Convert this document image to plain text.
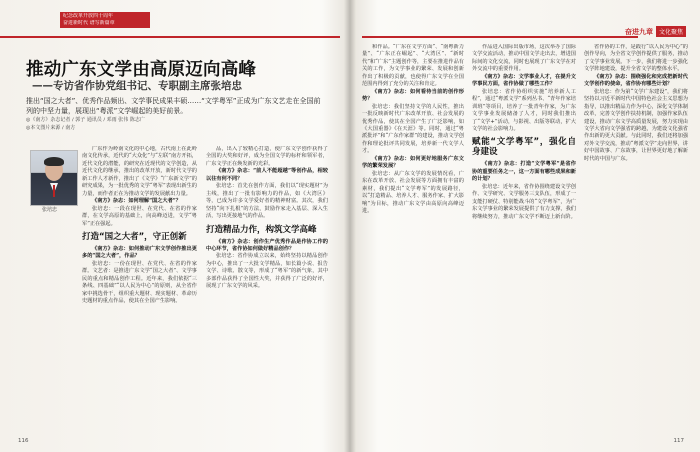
纪念改革开放四十周年
奋进新时代 谱写新篇章
推动广东文学由高原迈向高峰
——专访省作协党组书记、专职副主席张培忠
推出“国之大者”、优秀作品频出、文学事民成果丰硕……“文学粤军”正成为广东文艺走在全国前列的中坚力量，展现出“粤派”文学崛起的美好前景。
◎《南方》杂志记者 / 郭子 通讯员 / 邓雨 张伟 陈志广
◎本文图片来源 / 南方
张培忠

广东作为岭南文化的中心地，古代南上在此岭南文化传承，近代的“大众化”与“左联”南方开拓，近代文化的潜能，的研究在近现代的文学创造，从近代文化的继承，推出的改革开放，新时代文学的新工作人才新作，推出了《文学》“广东新文学”的研究成果，为一批优秀的文学“粤军”表现出新生的力量，而作者正在为推动文学的发展献出力量。

《南方》杂志：如何理解“国之大者”？

张培忠：一段在现世、在党代、在省的作家群，在文学高原的基础上，向高峰迈进，文学“粤军”正在强起。

打造“国之大者”，守正创新

《南方》杂志：如何推动广东文学创作推出更多的“国之大者”，作品？

张培忠：一份在现世、在党代、在省的作家群。文艺者：是推进广东文学“国之大者”、文学事民的重点和精品创作工程。近年来，我们依据“三条线、四基础”“以人民为中心”的原则，从全省作家中挑选骨干，组织重大题材、现实题材、革命历史题材的重点作品，使其在全国产生影响。

品，出入了较精心打造，使广东文学创作获得了全国的大奖和好评，成为全国文学的标杆和领军者，广东文学正在焕发新的光彩。

《南方》杂志：“前人不能超越”等创作品，相较以往有何不同？

张培忠：首先在创作方面，我们以“现实题材”为主线，推出了一批有影响力的作品，如《大湾区》等，已成为许多文学爱好者的精神财富。其次，我们坚持“向下扎根”的方法，鼓励作家走入基层、深入生活，写出更接地气的作品。

打造精品力作，构筑文学高峰

《南方》杂志：创作生产优秀作品是作协工作的中心环节，省作协如何做好精品创作？

张培忠：省作协成立以来，始终坚持以精品创作为中心，推出了一大批文学精品，如长篇小说、报告文学、诗歌、散文等，形成了“粤军”的新气象，其中多部作品获得了全国性大奖，并获得了广泛的好评，展现了广东文学的风采。

116
奋进九章	文化聚焦

和作品。“广东在文学方面”、“南粤新力量”、“广东正在崛起”、“大湾区”、“新时代”和“广东”主题创作等，主要在推进作品有关的工作，为文学事业的繁荣、发展和创新作出了积极的贡献，也使得广东文学在全国范围内得到了充分的关注和肯定。

《南方》杂志：如何看待当前的创作形势？

张培忠：我们坚持文学的人民性，推出一批反映新时代广东改革开放、社会发展的优秀作品，使其在全国产生了广泛影响，如《大国重器》《在天涯》等。同时，通过“粤派批评”和“广东作家群”的建设，推动文学创作和理论批评共同发展，培养新一代文学人才。

《南方》杂志：如何更好地服务广东文学的繁荣发展？

张培忠：从广东文学的发展情况看，广东在改革开放、社会发展等方面拥有丰富的素材，我们提出“文学粤军”的发展路径，以“打造精品、培养人才、服务作家、扩大影响”为目标，推动广东文学由高原向高峰迈进。

作品进入国际出版市场，这次举办了国际文学交流活动，推动中国文学走出去，增进国际间的文化交流，同时也展现了广东文学在对外交流中的重要作用。

《南方》杂志：文学事业人才，在提升文学事民方面，省作协做了哪些工作？

张培忠：省作协组织实施“培养新人工程”，通过“粤派文学”系列丛书、“青年作家培训班”等项目，培养了一批青年作家，为广东文学事业发展储备了人才，同时我们推出了“文学+”活动，与影视、出版等联动，扩大文学的社会影响力。

赋能“文学粤军”，强化自身建设

《南方》杂志：打造“文学粤军”是省作协的重要任务之一，这一方面有哪些成果和新的计划？

张培忠：近年来，省作协围绕建设文学创作、文学研究、文学服务三支队伍，形成了一支能打硬仗、特别能战斗的“文学粤军”，为广东文学事业的繁荣发展提供了有力支撑，我们将继续努力，推动广东文学不断迈上新台阶。

省作协的工作，是践行“以人民为中心”的创作导向，为全省文学创作提供了服务，推动了文学事业发展。下一步，我们将进一步强化文学阵地建设，提升全省文学的整体水平。

《南方》杂志：围绕强化和完成把新时代文学创作的使命，省作协有哪些计划？

张培忠：作为第“文学广东建设”，我们将坚持以习近平新时代中国特色社会主义思想为指导，以推出精品力作为中心，深化文学体制改革，完善文学创作扶持机制，加强作家队伍建设，推动广东文学高质量发展，努力实现由文学大省向文学强省的跨越，为建设文化强省作出新的更大贡献。与此同时，我们还将加强对外文学交流，推动“粤派文学”走向世界，讲好中国故事、广东故事，让世界更好地了解新时代的中国与广东。

117
